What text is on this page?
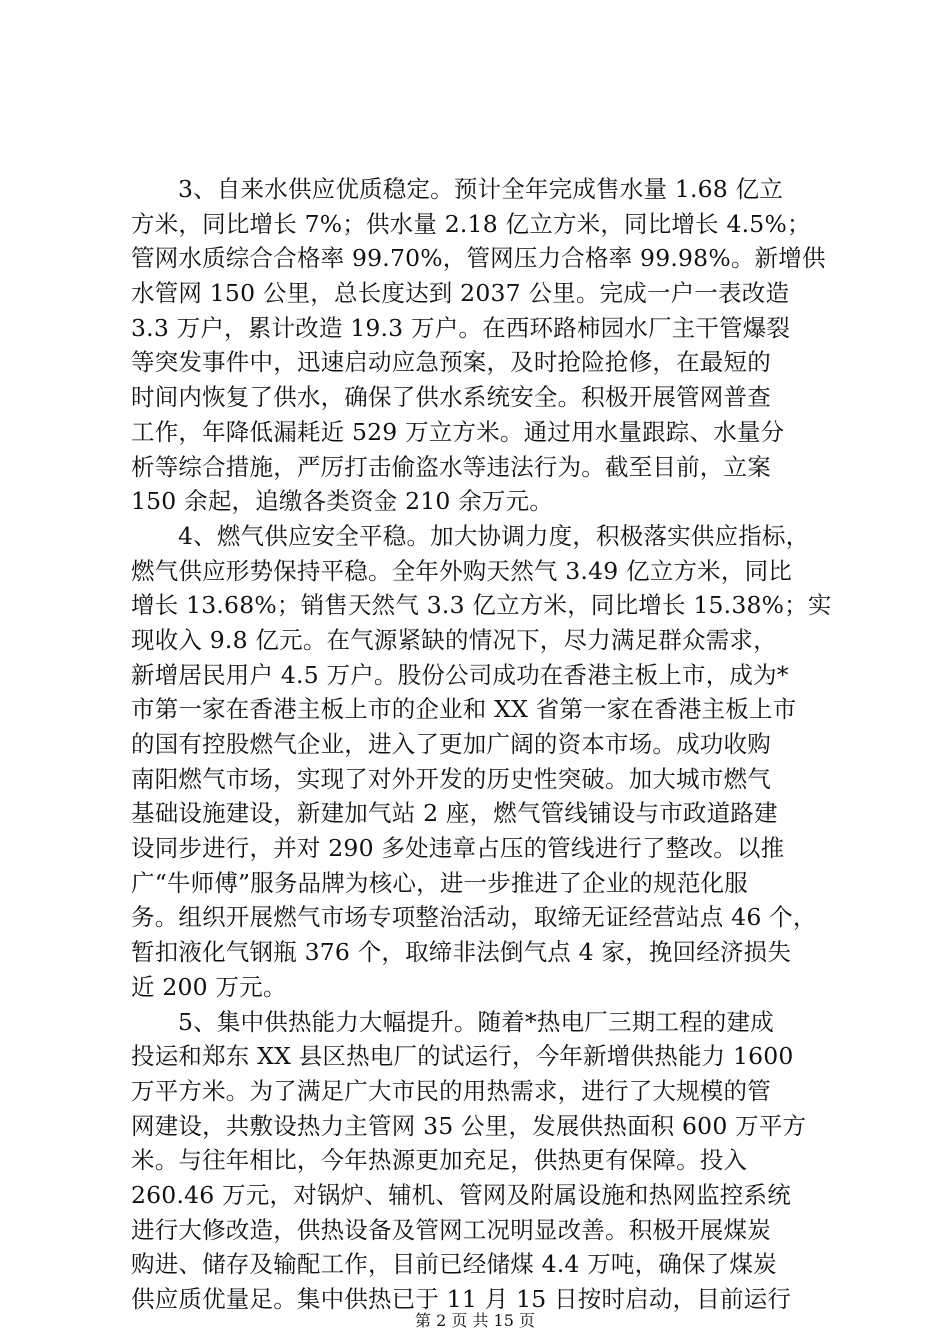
3、自来水供应优质稳定。预计全年完成售水量 1.68 亿立
方米，同比增长 7%；供水量 2.18 亿立方米，同比增长 4.5%；
管网水质综合合格率 99.70%，管网压力合格率 99.98%。新增供
水管网 150 公里，总长度达到 2037 公里。完成一户一表改造
3.3 万户，累计改造 19.3 万户。在西环路柿园水厂主干管爆裂
等突发事件中，迅速启动应急预案，及时抢险抢修，在最短的
时间内恢复了供水，确保了供水系统安全。积极开展管网普查
工作，年降低漏耗近 529 万立方米。通过用水量跟踪、水量分
析等综合措施，严厉打击偷盗水等违法行为。截至目前，立案
150 余起，追缴各类资金 210 余万元。
4、燃气供应安全平稳。加大协调力度，积极落实供应指标，
燃气供应形势保持平稳。全年外购天然气 3.49 亿立方米，同比
增长 13.68%；销售天然气 3.3 亿立方米，同比增长 15.38%；实
现收入 9.8 亿元。在气源紧缺的情况下，尽力满足群众需求，
新增居民用户 4.5 万户。股份公司成功在香港主板上市，成为*
市第一家在香港主板上市的企业和 XX 省第一家在香港主板上市
的国有控股燃气企业，进入了更加广阔的资本市场。成功收购
南阳燃气市场，实现了对外开发的历史性突破。加大城市燃气
基础设施建设，新建加气站 2 座，燃气管线铺设与市政道路建
设同步进行，并对 290 多处违章占压的管线进行了整改。以推
广“牛师傅”服务品牌为核心，进一步推进了企业的规范化服
务。组织开展燃气市场专项整治活动，取缔无证经营站点 46 个，
暂扣液化气钢瓶 376 个，取缔非法倒气点 4 家，挽回经济损失
近 200 万元。
5、集中供热能力大幅提升。随着*热电厂三期工程的建成
投运和郑东 XX 县区热电厂的试运行，今年新增供热能力 1600
万平方米。为了满足广大市民的用热需求，进行了大规模的管
网建设，共敷设热力主管网 35 公里，发展供热面积 600 万平方
米。与往年相比，今年热源更加充足，供热更有保障。投入
260.46 万元，对锅炉、辅机、管网及附属设施和热网监控系统
进行大修改造，供热设备及管网工况明显改善。积极开展煤炭
购进、储存及输配工作，目前已经储煤 4.4 万吨，确保了煤炭
供应质优量足。集中供热已于 11 月 15 日按时启动，目前运行
第 2 页 共 15 页
